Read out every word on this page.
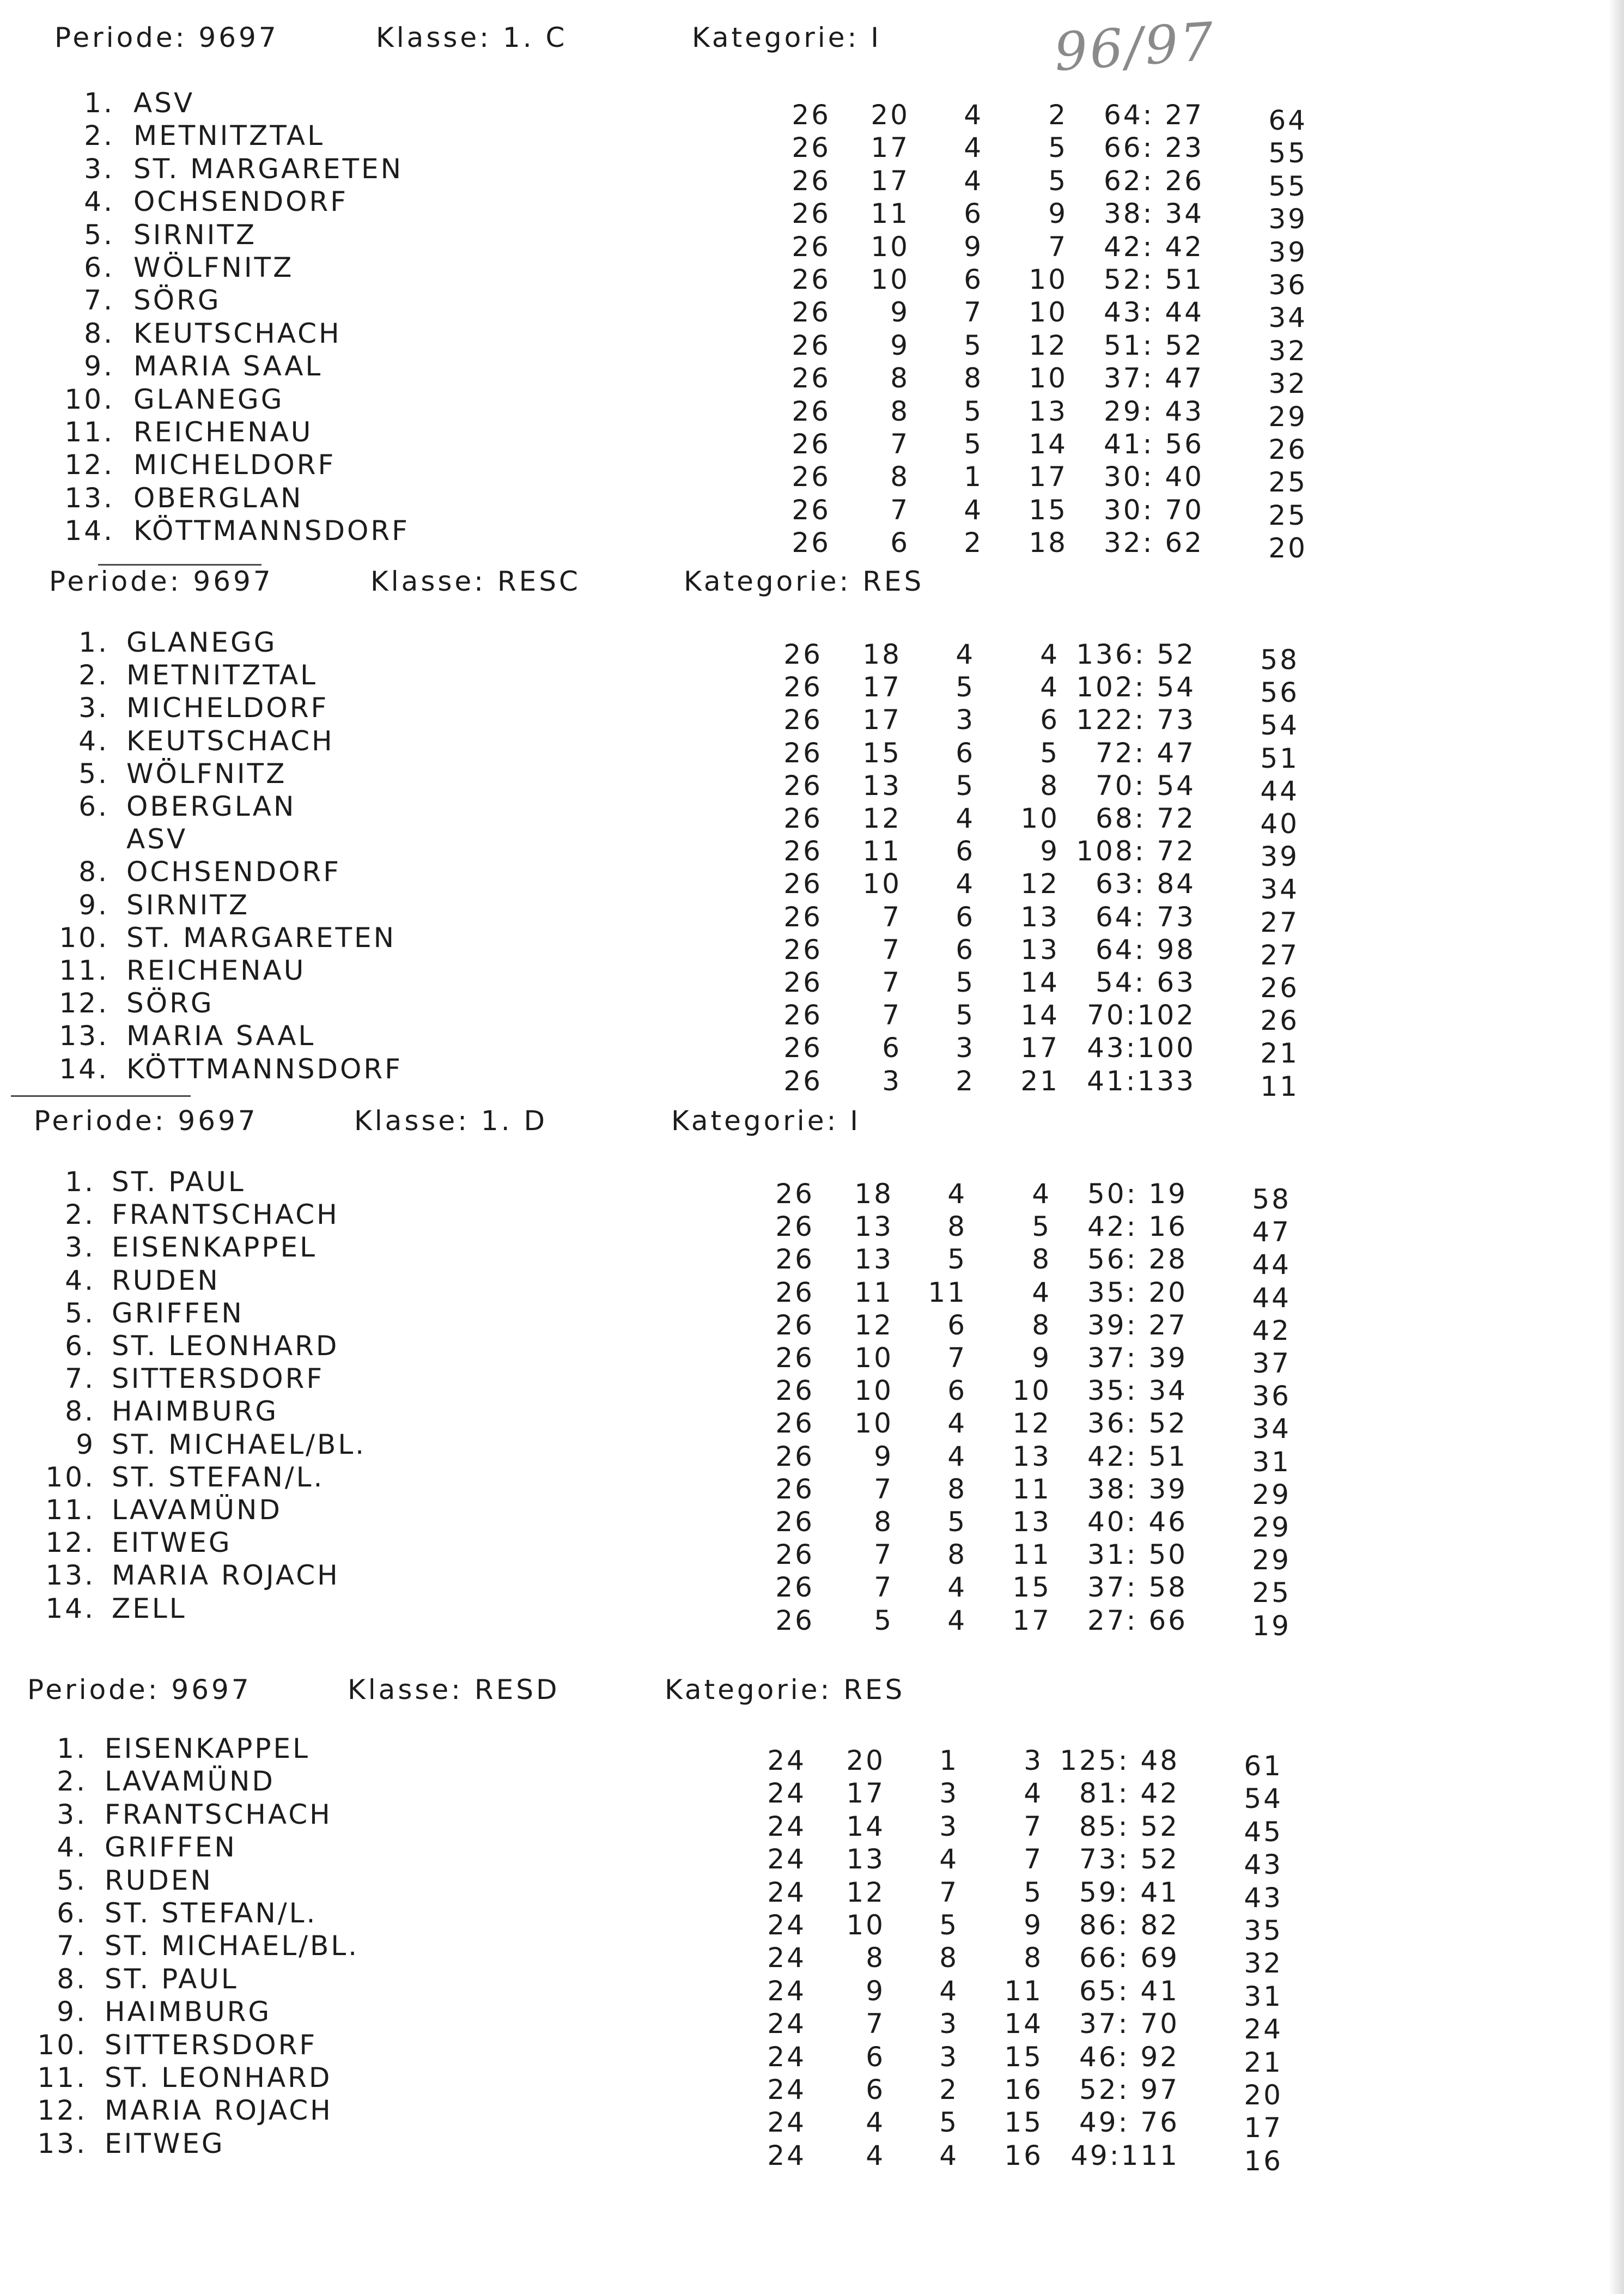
96/97
Periode: 9697	Klasse: 1. C	Kategorie: I
1. ASV	26 20 4 2 64: 27 64
2. METNITZTAL	26 17 4 5 66: 23 55
3. ST. MARGARETEN	26 17 4 5 62: 26 55
4. OCHSENDORF	26 11 6 9 38: 34 39
5. SIRNITZ	26 10 9 7 42: 42 39
6. WÖLFNITZ	26 10 6 10 52: 51 36
7. SÖRG	26 9 7 10 43: 44 34
8. KEUTSCHACH	26 9 5 12 51: 52 32
9. MARIA SAAL	26 8 8 10 37: 47 32
10. GLANEGG	26 8 5 13 29: 43 29
11. REICHENAU	26 7 5 14 41: 56 26
12. MICHELDORF	26 8 1 17 30: 40 25
13. OBERGLAN	26 7 4 15 30: 70 25
14. KÖTTMANNSDORF	26 6 2 18 32: 62 20
Periode: 9697	Klasse: RESC	Kategorie: RES
1. GLANEGG	26 18 4 4 136: 52 58
2. METNITZTAL	26 17 5 4 102: 54 56
3. MICHELDORF	26 17 3 6 122: 73 54
4. KEUTSCHACH	26 15 6 5 72: 47 51
5. WÖLFNITZ	26 13 5 8 70: 54 44
6. OBERGLAN	26 12 4 10 68: 72 40
ASV	26 11 6 9 108: 72 39
8. OCHSENDORF	26 10 4 12 63: 84 34
9. SIRNITZ	26 7 6 13 64: 73 27
10. ST. MARGARETEN	26 7 6 13 64: 98 27
11. REICHENAU	26 7 5 14 54: 63 26
12. SÖRG	26 7 5 14 70:102 26
13. MARIA SAAL	26 6 3 17 43:100 21
14. KÖTTMANNSDORF	26 3 2 21 41:133 11
Periode: 9697	Klasse: 1. D	Kategorie: I
1. ST. PAUL	26 18 4 4 50: 19 58
2. FRANTSCHACH	26 13 8 5 42: 16 47
3. EISENKAPPEL	26 13 5 8 56: 28 44
4. RUDEN	26 11 11 4 35: 20 44
5. GRIFFEN	26 12 6 8 39: 27 42
6. ST. LEONHARD	26 10 7 9 37: 39 37
7. SITTERSDORF	26 10 6 10 35: 34 36
8. HAIMBURG	26 10 4 12 36: 52 34
9 ST. MICHAEL/BL.	26 9 4 13 42: 51 31
10. ST. STEFAN/L.	26 7 8 11 38: 39 29
11. LAVAMÜND	26 8 5 13 40: 46 29
12. EITWEG	26 7 8 11 31: 50 29
13. MARIA ROJACH	26 7 4 15 37: 58 25
14. ZELL	26 5 4 17 27: 66 19
Periode: 9697	Klasse: RESD	Kategorie: RES
1. EISENKAPPEL	24 20 1 3 125: 48 61
2. LAVAMÜND	24 17 3 4 81: 42 54
3. FRANTSCHACH	24 14 3 7 85: 52 45
4. GRIFFEN	24 13 4 7 73: 52 43
5. RUDEN	24 12 7 5 59: 41 43
6. ST. STEFAN/L.	24 10 5 9 86: 82 35
7. ST. MICHAEL/BL.	24 8 8 8 66: 69 32
8. ST. PAUL	24 9 4 11 65: 41 31
9. HAIMBURG	24 7 3 14 37: 70 24
10. SITTERSDORF	24 6 3 15 46: 92 21
11. ST. LEONHARD	24 6 2 16 52: 97 20
12. MARIA ROJACH	24 4 5 15 49: 76 17
13. EITWEG	24 4 4 16 49:111 16
